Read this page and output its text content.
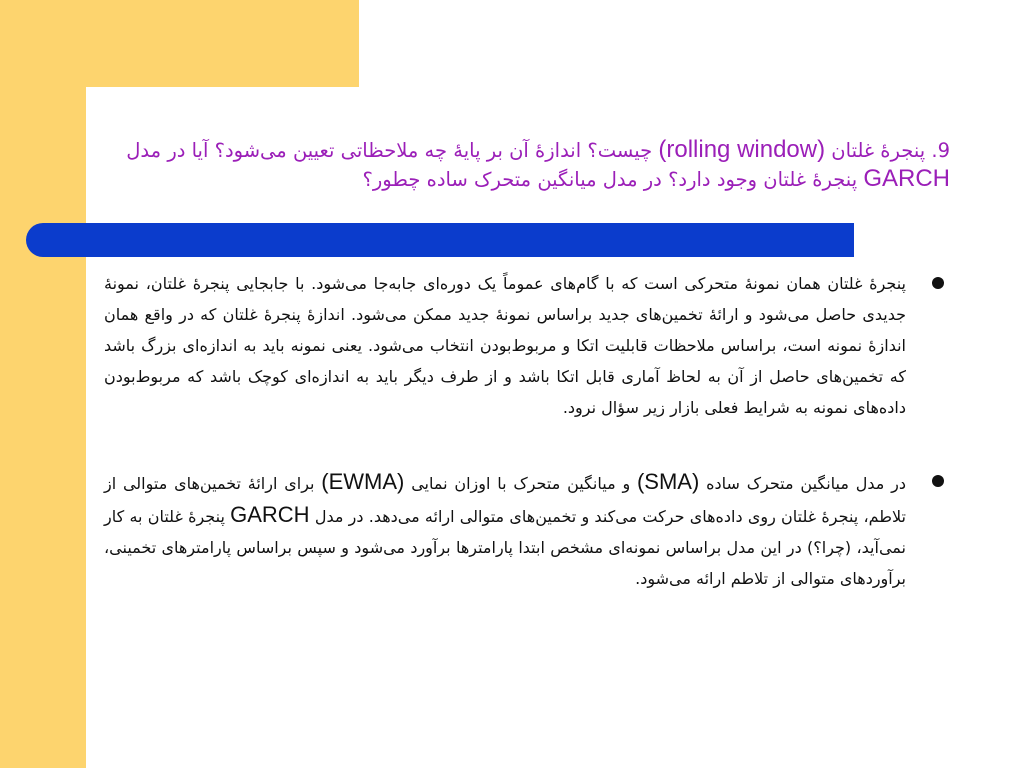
9. پنجرهٔ غلتان (rolling window) چیست؟ اندازهٔ آن بر پایهٔ چه ملاحظاتی تعیین می‌شود؟ آیا در مدل GARCH پنجرهٔ غلتان وجود دارد؟ در مدل میانگین متحرک ساده چطور؟
پنجرهٔ غلتان همان نمونهٔ متحرکی است که با گام‌های عموماً یک دوره‌ای جابه‌جا می‌شود. با جابجایی پنجرهٔ غلتان، نمونهٔ جدیدی حاصل می‌شود و ارائهٔ تخمین‌های جدید براساس نمونهٔ جدید ممکن می‌شود. اندازهٔ پنجرهٔ غلتان که در واقع همان اندازهٔ نمونه است، براساس ملاحظات قابلیت اتکا و مربوط‌بودن انتخاب می‌شود. یعنی نمونه باید به اندازه‌ای بزرگ باشد که تخمین‌های حاصل از آن به لحاظ آماری قابل اتکا باشد و از طرف دیگر باید به اندازه‌ای کوچک باشد که مربوط‌بودن داده‌های نمونه به شرایط فعلی بازار زیر سؤال نرود.
در مدل میانگین متحرک ساده (SMA) و میانگین متحرک با اوزان نمایی (EWMA) برای ارائهٔ تخمین‌های متوالی از تلاطم، پنجرهٔ غلتان روی داده‌های حرکت می‌کند و تخمین‌های متوالی ارائه می‌دهد. در مدل GARCH پنجرهٔ غلتان به کار نمی‌آید، (چرا؟) در این مدل براساس نمونه‌ای مشخص ابتدا پارامترها برآورد می‌شود و سپس براساس پارامترهای تخمینی، برآوردهای متوالی از تلاطم ارائه می‌شود.
